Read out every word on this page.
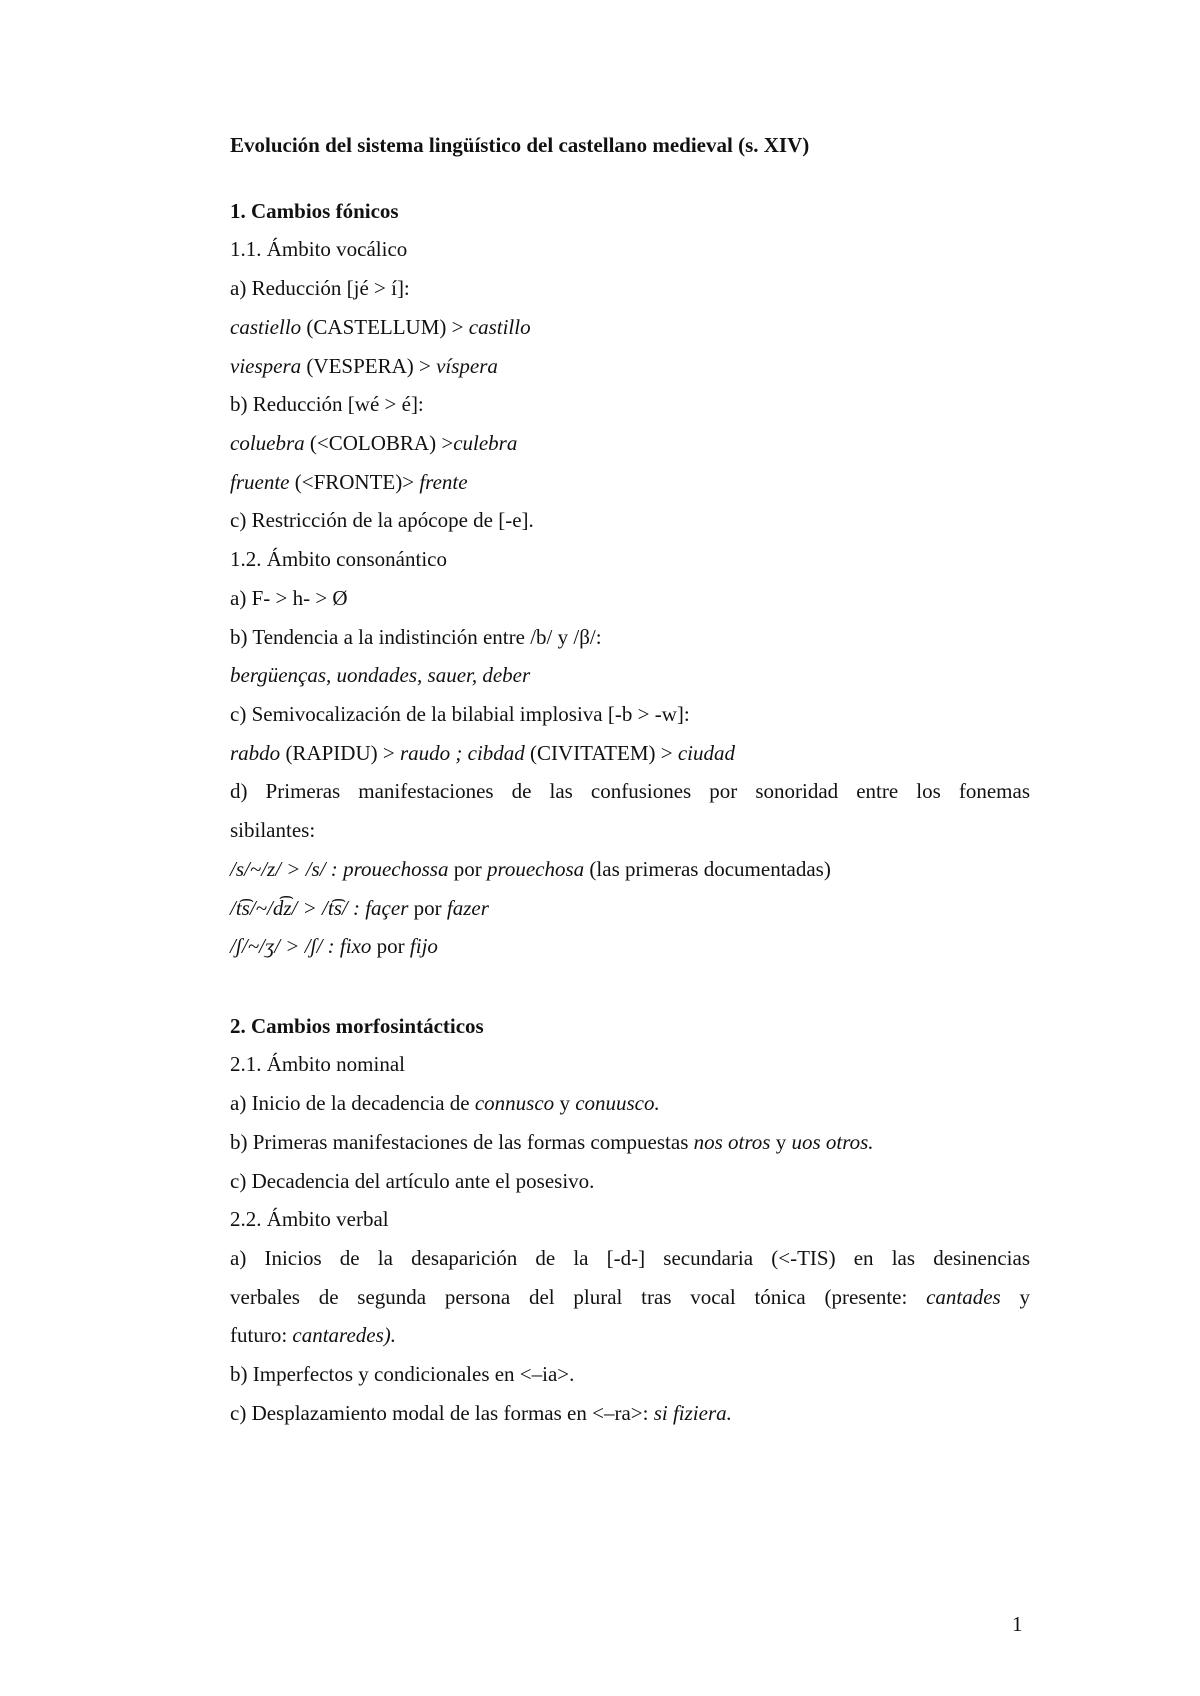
Evolución del sistema lingüístico del castellano medieval (s. XIV)
1. Cambios fónicos
1.1. Ámbito vocálico
a) Reducción [jé > í]:
castiello (CASTELLUM) > castillo
viespera (VESPERA) > víspera
b) Reducción [wé > é]:
coluebra (<COLOBRA) >culebra
fruente (<FRONTE)> frente
c) Restricción de la apócope de [-e].
1.2. Ámbito consonántico
a) F- > h- > Ø
b) Tendencia a la indistinción entre /b/ y /β/:
bergüenças, uondades, sauer, deber
c) Semivocalización de la bilabial implosiva [-b > -w]:
rabdo (RAPIDU) > raudo ; cibdad (CIVITATEM) > ciudad
d) Primeras manifestaciones de las confusiones por sonoridad entre los fonemas
sibilantes:
/s/~/z/ > /s/ : prouechossa por prouechosa (las primeras documentadas)
/t͡s/~/d͡z/ > /t͡s/ : façer por fazer
/ʃ/~/ʒ/ > /ʃ/ : fixo por fijo
2. Cambios morfosintácticos
2.1. Ámbito nominal
a) Inicio de la decadencia de connusco y conuusco.
b) Primeras manifestaciones de las formas compuestas nos otros y uos otros.
c) Decadencia del artículo ante el posesivo.
2.2. Ámbito verbal
a) Inicios de la desaparición de la [-d-] secundaria (<-TIS) en las desinencias
verbales de segunda persona del plural tras vocal tónica (presente: cantades y
futuro: cantaredes).
b) Imperfectos y condicionales en <–ia>.
c) Desplazamiento modal de las formas en <–ra>: si fiziera.
1
